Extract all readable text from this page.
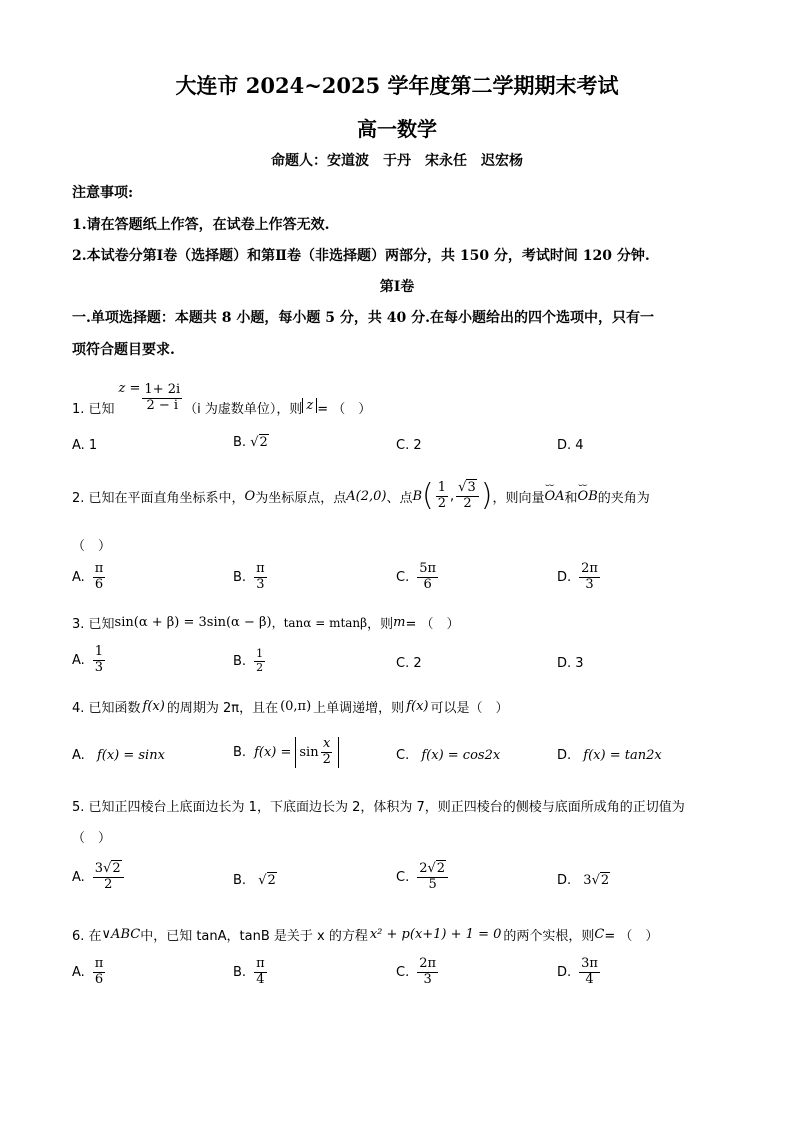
大连市 2024~2025 学年度第二学期期末考试
高一数学
命题人：安道波　于丹　宋永任　迟宏杨
注意事项:
1.请在答题纸上作答，在试卷上作答无效.
2.本试卷分第Ⅰ卷（选择题）和第Ⅱ卷（非选择题）两部分，共 150 分，考试时间 120 分钟.
第Ⅰ卷
一.单项选择题：本题共 8 小题，每小题 5 分，共 40 分.在每小题给出的四个选项中，只有一
项符合题目要求.
1. 已知
$z = \frac{1+ 2i}{2 - i} (i$ 为虚数单位），则 z = （　）
A. 1	B. √2	C. 2	D. 4
2. 已知在平面直角坐标系中， O 为坐标原点，点 A(2,0) 、点 B ( $\frac{1}{2}$ , $\frac{√3}{2}$ ) ，则向量 ⌣⌣ OA 和 ⌣⌣ OB 的夹角为
（　）
A. $\frac{\pi}{6}$	B. $\frac{\pi}{3}$	C. $\frac{5\pi}{6}$	D. $\frac{2\pi}{3}$
3. 已知 sin(α + β) = 3sin(α − β) ，tanα = mtanβ ，则 m = （　）
A. $\frac{1}{3}$	B. $\frac{1}{2}$	C. 2	D. 3
4. 已知函数 f(x) 的周期为 2π，且在 (0,π) 上单调递增，则 f(x) 可以是（　）
A. f(x) = sinx	B. $f(x) = \sin \frac{x}{2}$	C. f(x) = cos2x	D. f(x) = tan2x
5. 已知正四棱台上底面边长为 1，下底面边长为 2，体积为 7，则正四棱台的侧棱与底面所成角的正切值为
（　）
A. $\frac{3√2}{2}$	B. √2	C. $\frac{2√2}{5}$	D. 3√2
6. 在 ∨ABC 中，已知 tanA，tanB 是关于 x 的方程 x² + p(x+1) + 1 = 0 的两个实根，则 C = （　）
A. $\frac{\pi}{6}$	B. $\frac{\pi}{4}$	C. $\frac{2\pi}{3}$	D. $\frac{3\pi}{4}$
